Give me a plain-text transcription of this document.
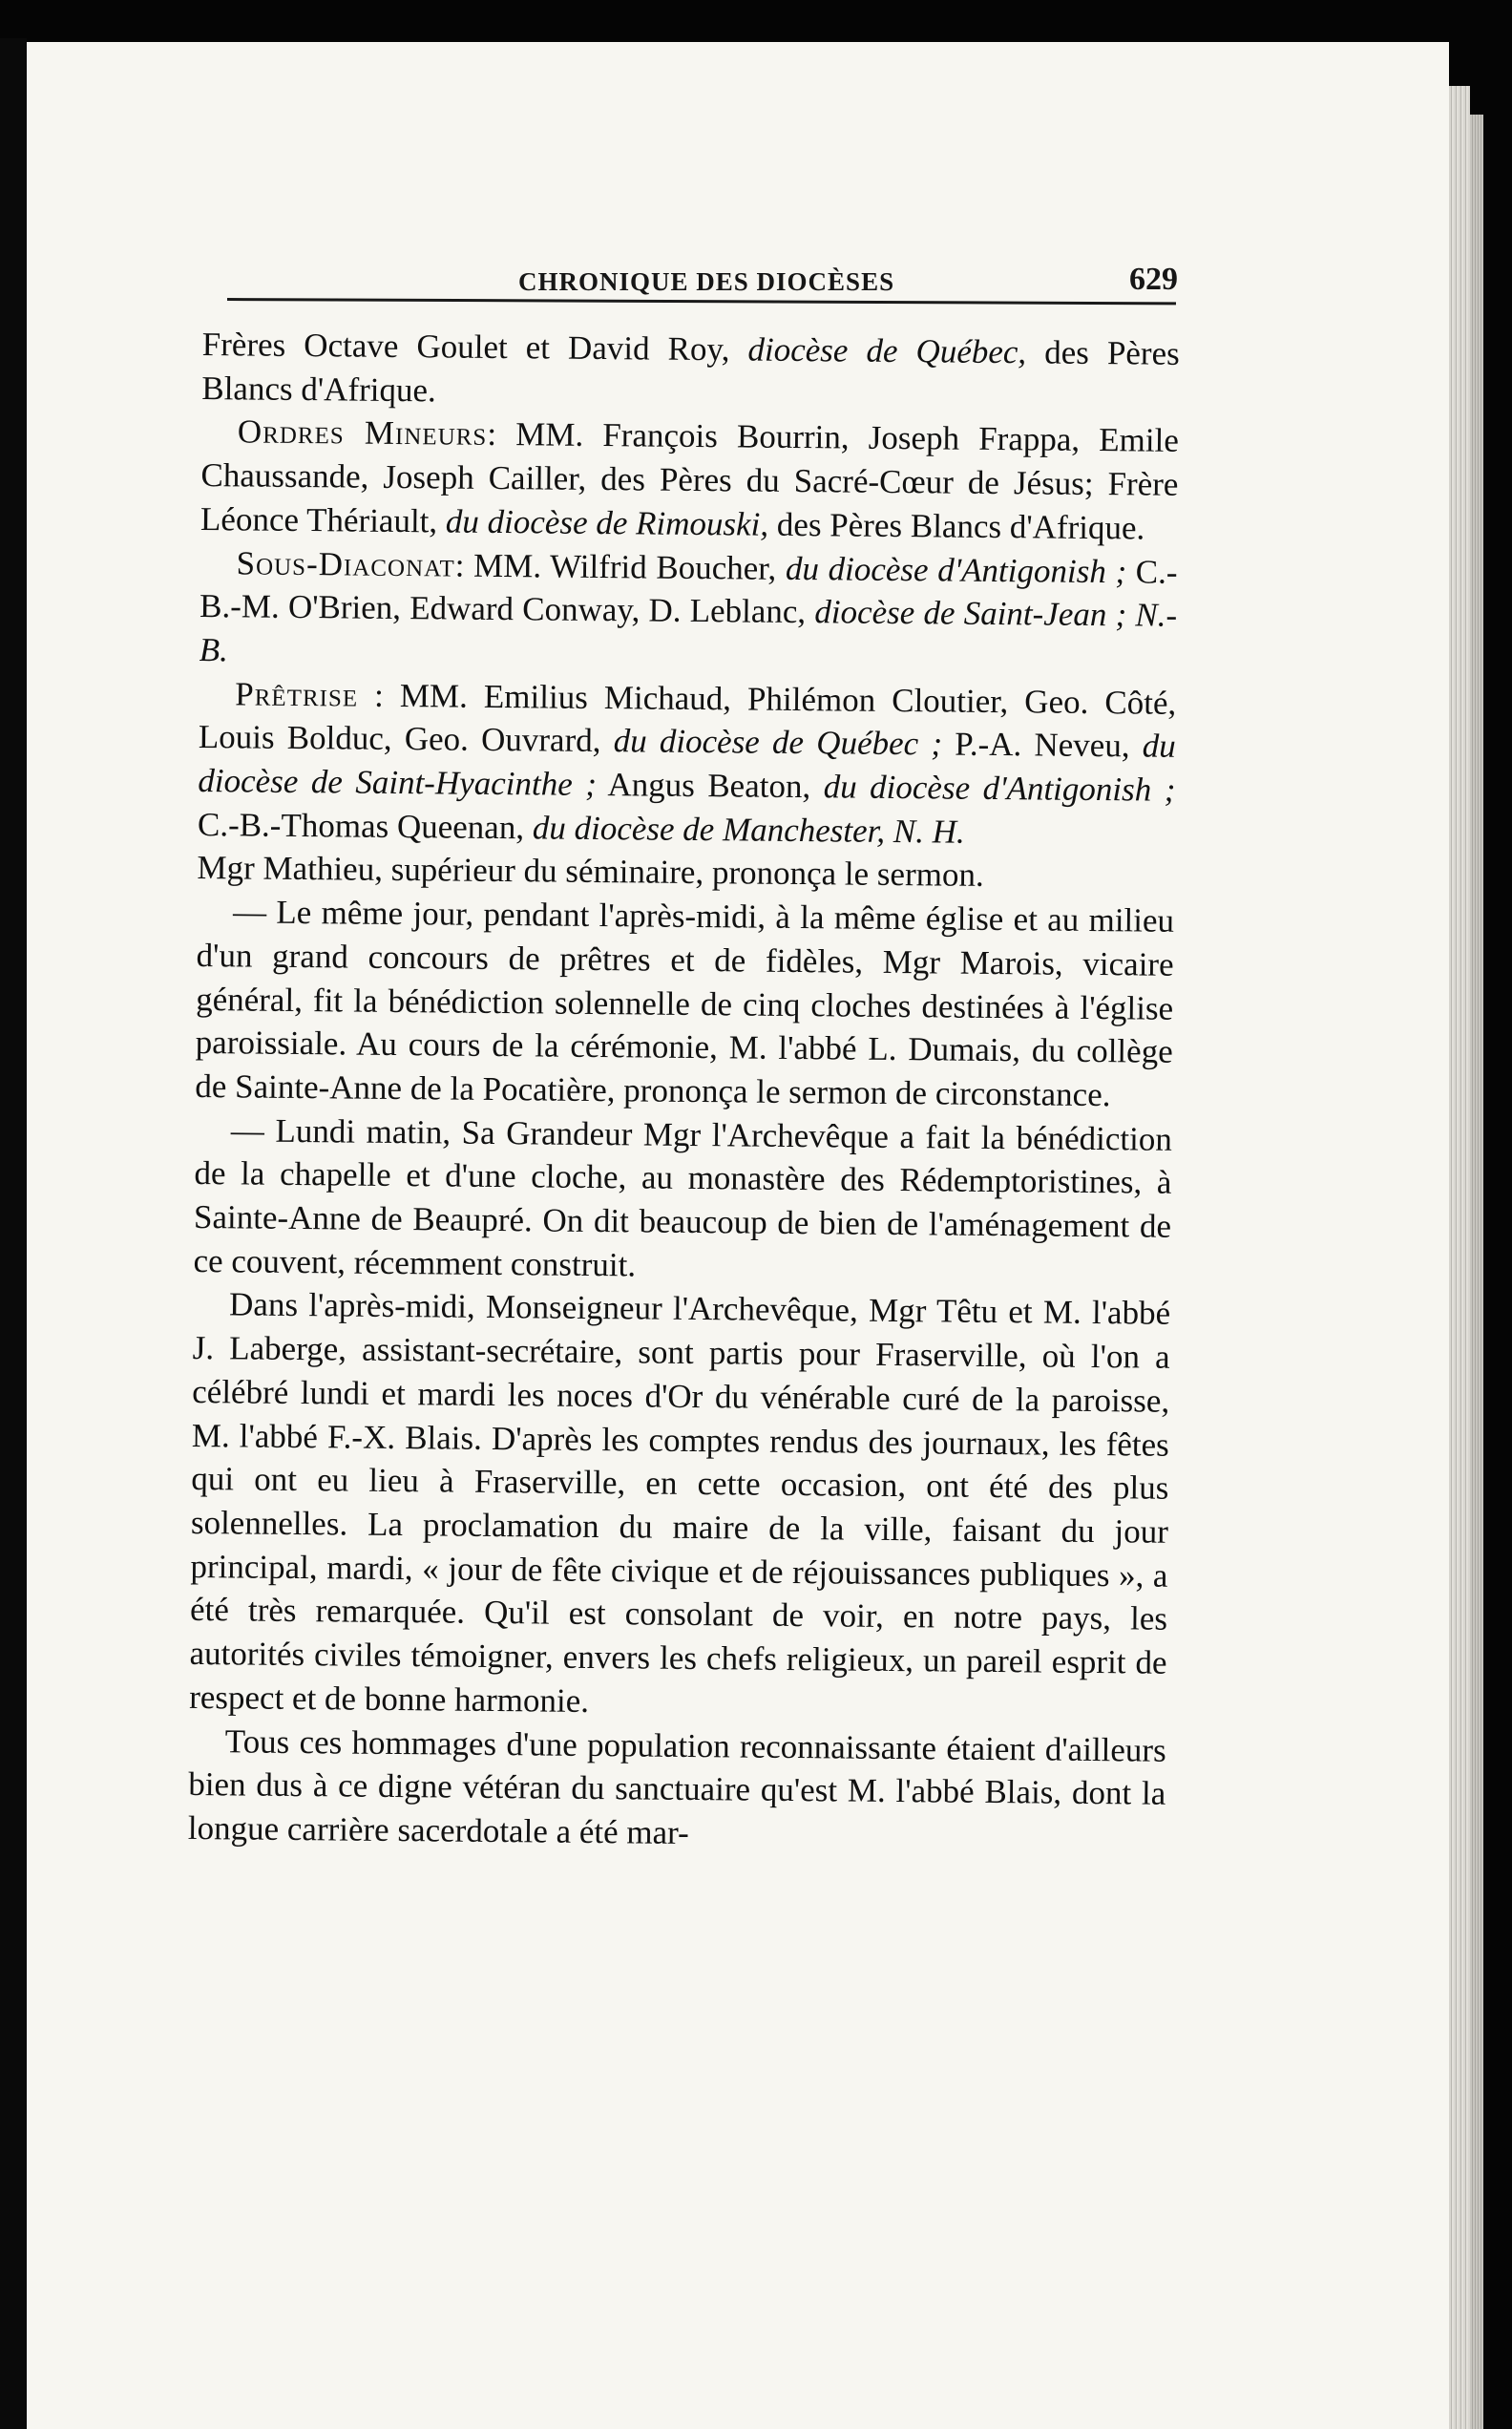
CHRONIQUE DES DIOCÈSES	629

Frères Octave Goulet et David Roy, diocèse de Québec, des Pères Blancs d'Afrique.

Ordres Mineurs: MM. François Bourrin, Joseph Frappa, Emile Chaussande, Joseph Cailler, des Pères du Sacré-Cœur de Jésus; Frère Léonce Thériault, du diocèse de Rimouski, des Pères Blancs d'Afrique.

Sous-Diaconat: MM. Wilfrid Boucher, du diocèse d'Antigonish ; C.-B.-M. O'Brien, Edward Conway, D. Leblanc, diocèse de Saint-Jean ; N.-B.

Prêtrise : MM. Emilius Michaud, Philémon Cloutier, Geo. Côté, Louis Bolduc, Geo. Ouvrard, du diocèse de Québec ; P.-A. Neveu, du diocèse de Saint-Hyacinthe ; Angus Beaton, du diocèse d'Antigonish ; C.-B.-Thomas Queenan, du diocèse de Manchester, N. H.

Mgr Mathieu, supérieur du séminaire, prononça le sermon.

— Le même jour, pendant l'après-midi, à la même église et au milieu d'un grand concours de prêtres et de fidèles, Mgr Marois, vicaire général, fit la bénédiction solennelle de cinq cloches destinées à l'église paroissiale. Au cours de la cérémonie, M. l'abbé L. Dumais, du collège de Sainte-Anne de la Pocatière, prononça le sermon de circonstance.

— Lundi matin, Sa Grandeur Mgr l'Archevêque a fait la bénédiction de la chapelle et d'une cloche, au monastère des Rédemptoristines, à Sainte-Anne de Beaupré. On dit beaucoup de bien de l'aménagement de ce couvent, récemment construit.

Dans l'après-midi, Monseigneur l'Archevêque, Mgr Têtu et M. l'abbé J. Laberge, assistant-secrétaire, sont partis pour Fraserville, où l'on a célébré lundi et mardi les noces d'Or du vénérable curé de la paroisse, M. l'abbé F.-X. Blais. D'après les comptes rendus des journaux, les fêtes qui ont eu lieu à Fraserville, en cette occasion, ont été des plus solennelles. La proclamation du maire de la ville, faisant du jour principal, mardi, « jour de fête civique et de réjouissances publiques », a été très remarquée. Qu'il est consolant de voir, en notre pays, les autorités civiles témoigner, envers les chefs religieux, un pareil esprit de respect et de bonne harmonie.

Tous ces hommages d'une population reconnaissante étaient d'ailleurs bien dus à ce digne vétéran du sanctuaire qu'est M. l'abbé Blais, dont la longue carrière sacerdotale a été mar-
